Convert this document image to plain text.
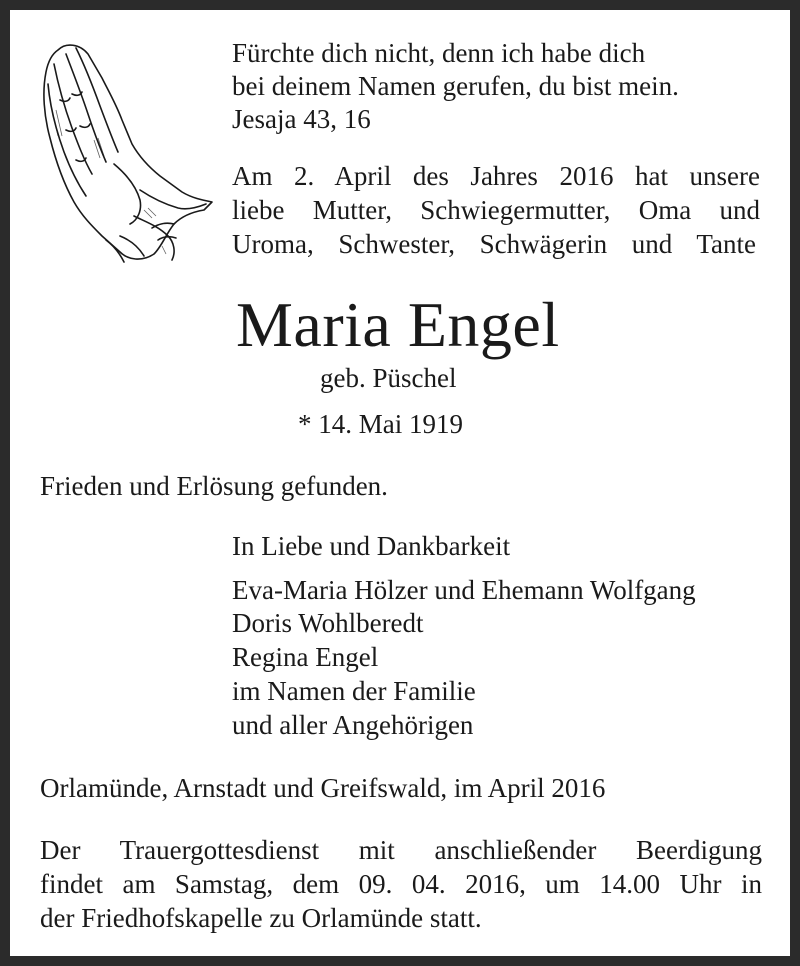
Fürchte dich nicht, denn ich habe dich
bei deinem Namen gerufen, du bist mein.
Jesaja 43, 16
Am 2. April des Jahres 2016 hat unsere
liebe Mutter, Schwiegermutter, Oma und
Uroma, Schwester, Schwägerin und Tante
Maria Engel
geb. Püschel
* 14. Mai 1919
Frieden und Erlösung gefunden.
In Liebe und Dankbarkeit
Eva-Maria Hölzer und Ehemann Wolfgang
Doris Wohlberedt
Regina Engel
im Namen der Familie
und aller Angehörigen
Orlamünde, Arnstadt und Greifswald, im April 2016
Der Trauergottesdienst mit anschließender Beerdigung
findet am Samstag, dem 09. 04. 2016, um 14.00 Uhr in
der Friedhofskapelle zu Orlamünde statt.
